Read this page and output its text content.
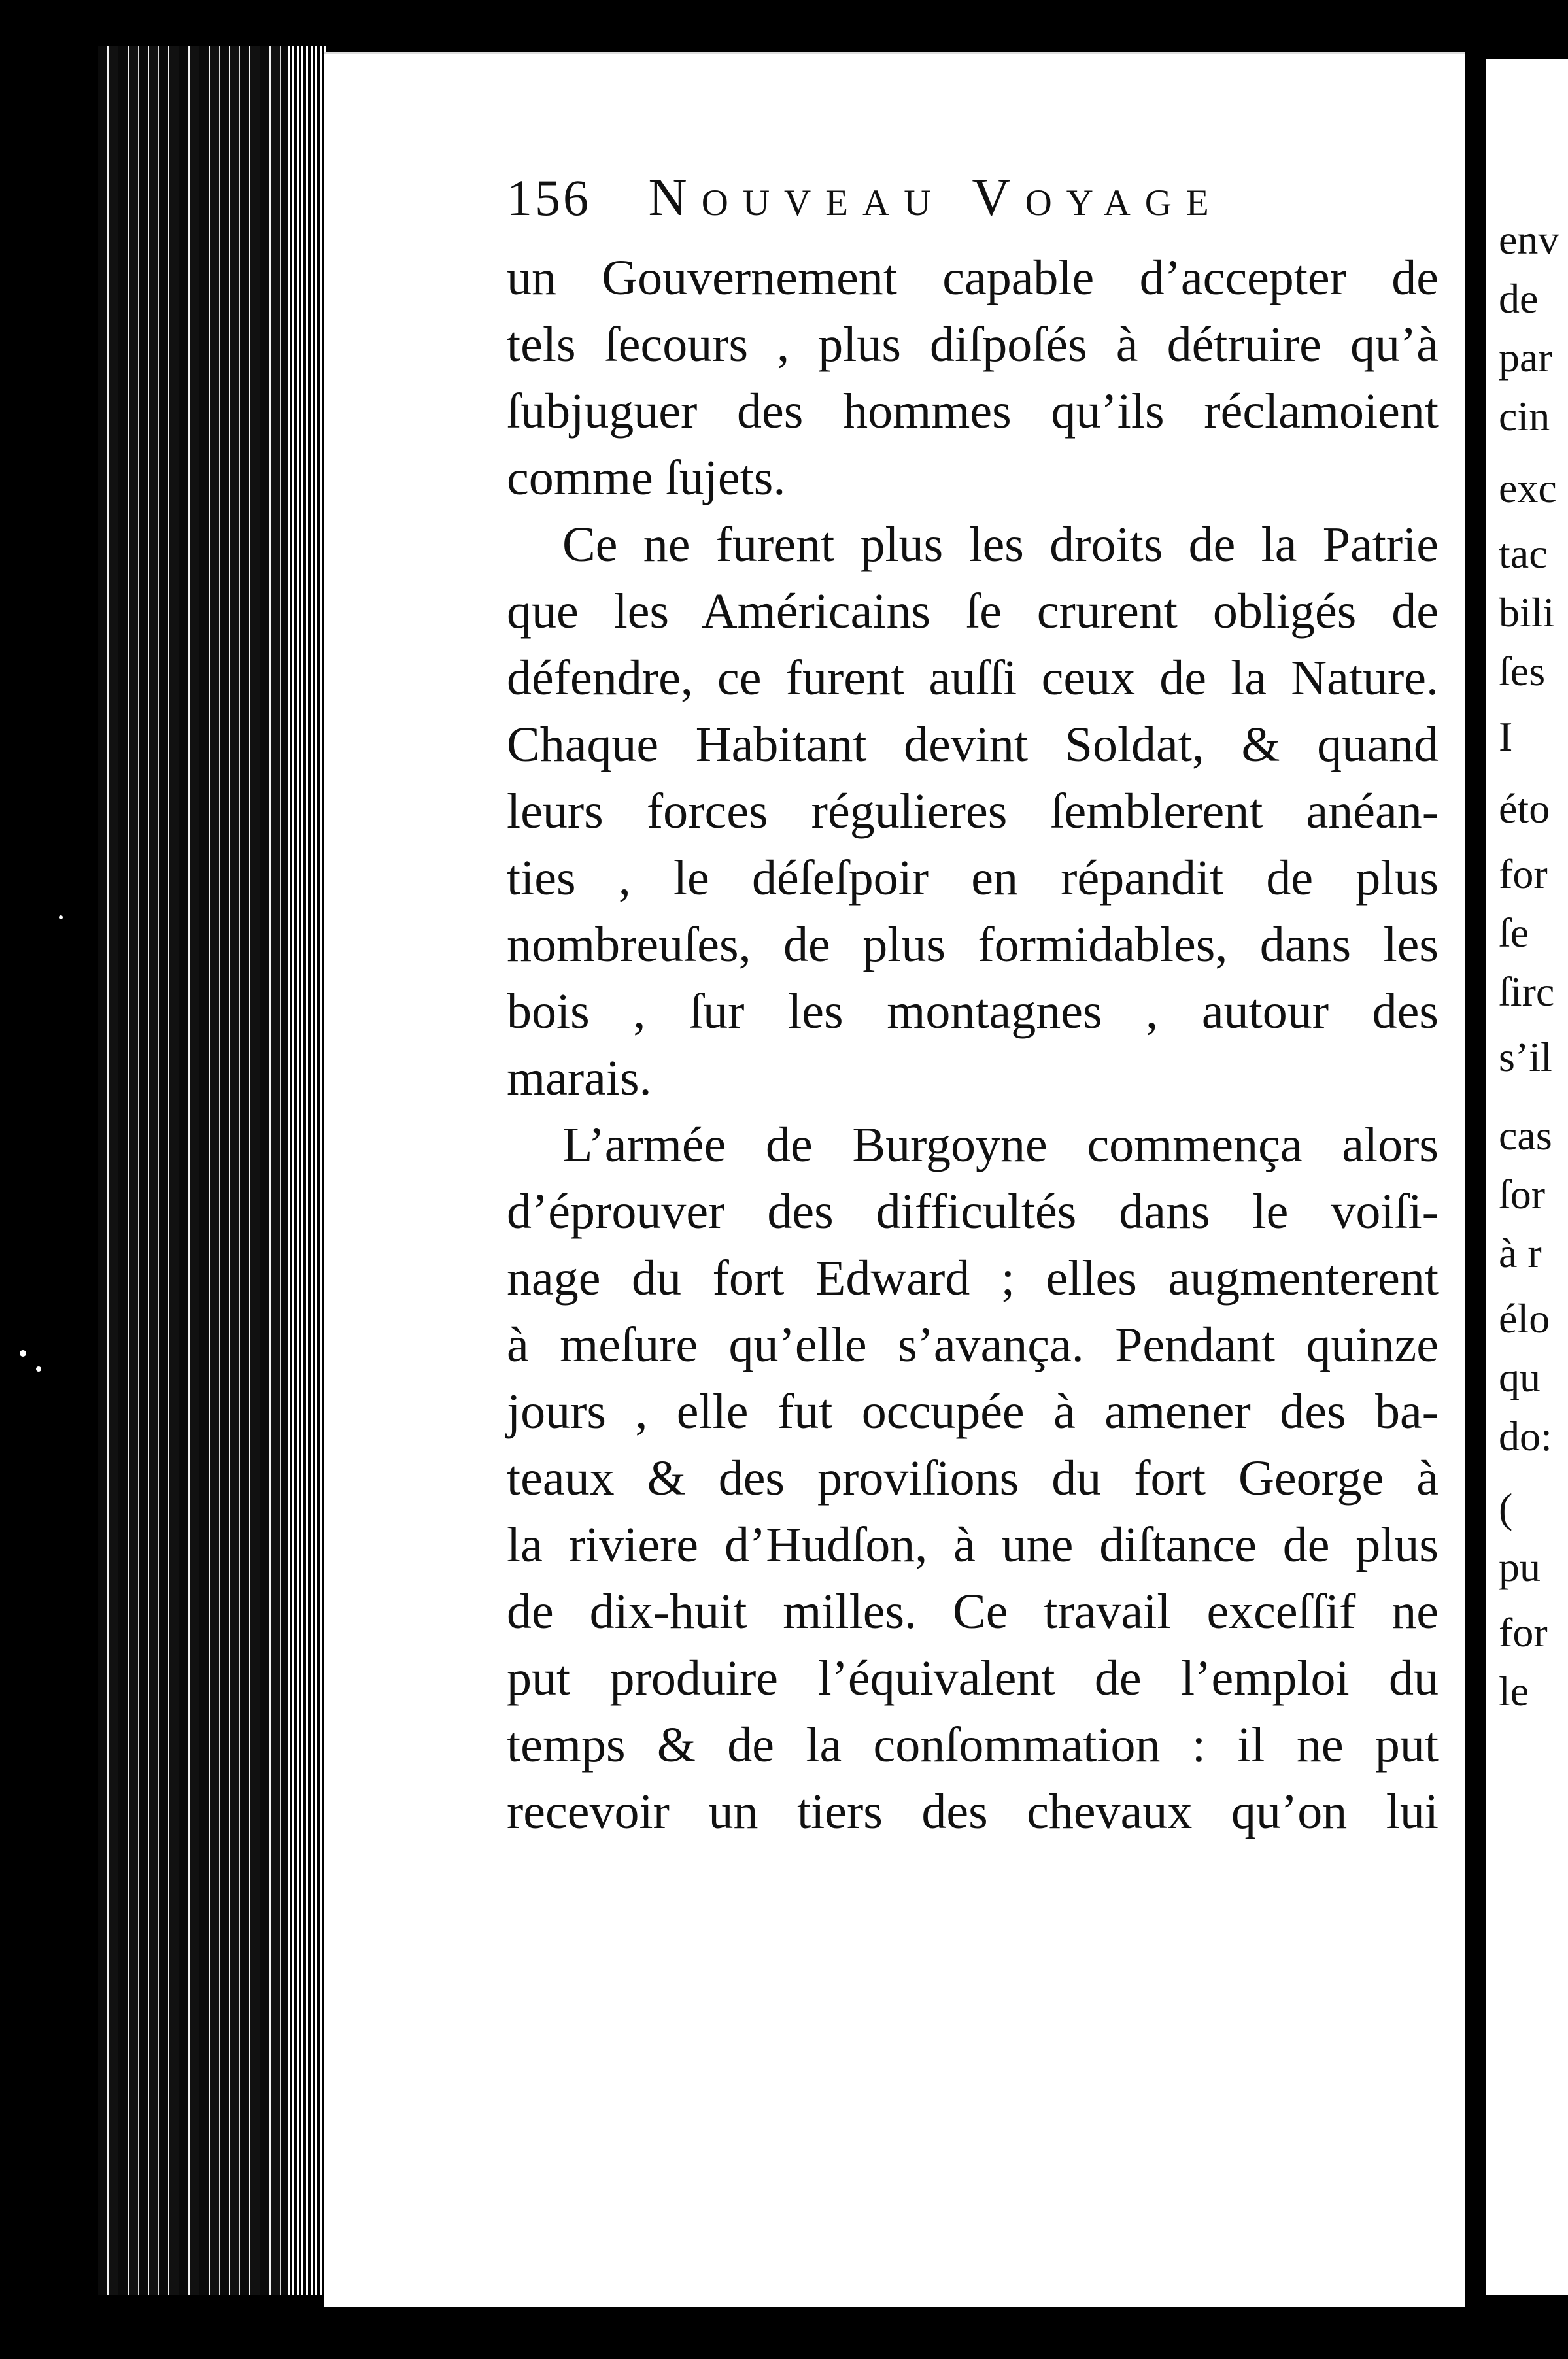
156 Nouveau Voyage
un Gouvernement capable d’accepter de
tels ſecours , plus diſpoſés à détruire qu’à
ſubjuguer des hommes qu’ils réclamoient
comme ſujets.
Ce ne furent plus les droits de la Patrie
que les Américains ſe crurent obligés de
défendre, ce furent auſſi ceux de la Nature.
Chaque Habitant devint Soldat, & quand
leurs forces régulieres ſemblerent anéan-
ties , le déſeſpoir en répandit de plus
nombreuſes, de plus formidables, dans les
bois , ſur les montagnes , autour des
marais.
L’armée de Burgoyne commença alors
d’éprouver des difficultés dans le voiſi-
nage du fort Edward ; elles augmenterent
à meſure qu’elle s’avança. Pendant quinze
jours , elle fut occupée à amener des ba-
teaux & des proviſions du fort George à
la riviere d’Hudſon, à une diſtance de plus
de dix-huit milles. Ce travail exceſſif ne
put produire l’équivalent de l’emploi du
temps & de la conſommation : il ne put
recevoir un tiers des chevaux qu’on lui
env
de
par
cin
exc
tac
bili
ſes
I
éto
for
ſe
ſirc
s’il
cas
ſor
à r
élo
qu
do:
(
pu
for
le
